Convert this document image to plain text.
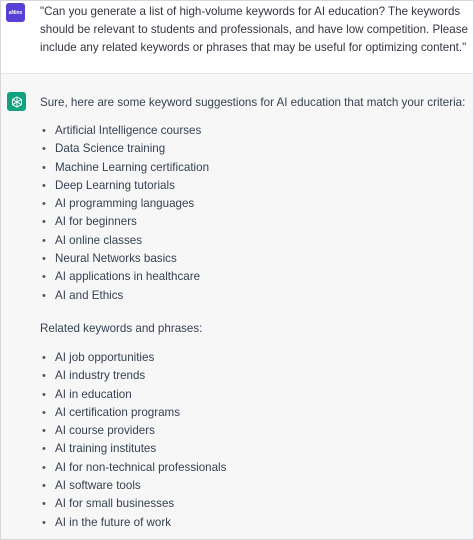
aNinx "Can you generate a list of high-volume keywords for AI education? The keywords should be relevant to students and professionals, and have low competition. Please include any related keywords or phrases that may be useful for optimizing content."

Sure, here are some keyword suggestions for AI education that match your criteria:

• Artificial Intelligence courses
• Data Science training
• Machine Learning certification
• Deep Learning tutorials
• AI programming languages
• AI for beginners
• AI online classes
• Neural Networks basics
• AI applications in healthcare
• AI and Ethics

Related keywords and phrases:

• AI job opportunities
• AI industry trends
• AI in education
• AI certification programs
• AI course providers
• AI training institutes
• AI for non-technical professionals
• AI software tools
• AI for small businesses
• AI in the future of work
